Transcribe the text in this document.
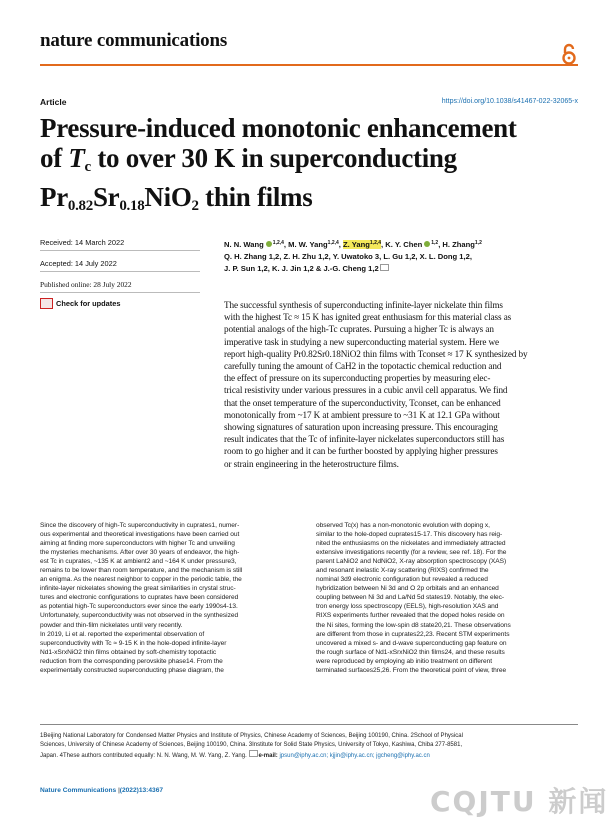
nature communications
Article	https://doi.org/10.1038/s41467-022-32065-x
Pressure-induced monotonic enhancement
of $T_c$ to over 30 K in superconducting
$Pr_{0.82}Sr_{0.18}NiO_2$ thin films
Received: 14 March 2022
Accepted: 14 July 2022
Published online: 28 July 2022
Check for updates
N. N. Wang $^{1,2,4}$, M. W. Yang$^{1,2,4}$, Z. Yang$^{1,2,4}$, K. Y. Chen $^{1,2}$, H. Zhang$^{1,2}$
Q. H. Zhang 1,2, Z. H. Zhu 1,2, Y. Uwatoko 3, L. Gu 1,2, X. L. Dong 1,2,
J. P. Sun 1,2, K. J. Jin 1,2 & J.-G. Cheng 1,2

The successful synthesis of superconducting infinite-layer nickelate thin films

with the highest Tc ≈ 15 K has ignited great enthusiasm for this material class as

potential analogs of the high-Tc cuprates. Pursuing a higher Tc is always an

imperative task in studying a new superconducting material system. Here we

report high-quality Pr0.82Sr0.18NiO2 thin films with Tconset ≈ 17 K synthesized by

carefully tuning the amount of CaH2 in the topotactic chemical reduction and

the effect of pressure on its superconducting properties by measuring elec-

trical resistivity under various pressures in a cubic anvil cell apparatus. We find

that the onset temperature of the superconductivity, Tconset, can be enhanced

monotonically from ~17 K at ambient pressure to ~31 K at 12.1 GPa without

showing signatures of saturation upon increasing pressure. This encouraging

result indicates that the Tc of infinite-layer nickelates superconductors still has

room to go higher and it can be further boosted by applying higher pressures

or strain engineering in the heterostructure films.

Since the discovery of high-Tc superconductivity in cuprates1, numer-

ous experimental and theoretical investigations have been carried out

aiming at finding more superconductors with higher Tc and unveiling

the mysteries mechanisms. After over 30 years of endeavor, the high-

est Tc in cuprates, ~135 K at ambient2 and ~164 K under pressure3,

remains to be lower than room temperature, and the mechanism is still

an enigma. As the nearest neighbor to copper in the periodic table, the

infinite-layer nickelates showing the great similarities in crystal struc-

tures and electronic configurations to cuprates have been considered

as potential high-Tc superconductors ever since the early 1990s4-13.

Unfortunately, superconductivity was not observed in the synthesized

powder and thin-film nickelates until very recently.

In 2019, Li et al. reported the experimental observation of

superconductivity with Tc ≈ 9-15 K in the hole-doped infinite-layer

Nd1-xSrxNiO2 thin films obtained by soft-chemistry topotactic

reduction from the corresponding perovskite phase14. From the

experimentally constructed superconducting phase diagram, the

observed Tc(x) has a non-monotonic evolution with doping x,

similar to the hole-doped cuprates15-17. This discovery has reig-

nited the enthusiasms on the nickelates and immediately attracted

extensive investigations recently (for a review, see ref. 18). For the

parent LaNiO2 and NdNiO2, X-ray absorption spectroscopy (XAS)

and resonant inelastic X-ray scattering (RIXS) confirmed the

nominal 3d9 electronic configuration but revealed a reduced

hybridization between Ni 3d and O 2p orbitals and an enhanced

coupling between Ni 3d and La/Nd 5d states19. Notably, the elec-

tron energy loss spectroscopy (EELS), high-resolution XAS and

RIXS experiments further revealed that the doped holes reside on

the Ni sites, forming the low-spin d8 state20,21. These observations

are different from those in cuprates22,23. Recent STM experiments

uncovered a mixed s- and d-wave superconducting gap feature on

the rough surface of Nd1-xSrxNiO2 thin films24, and these results

were reproduced by employing ab initio treatment on different

terminated surfaces25,26. From the theoretical point of view, three

1Beijing National Laboratory for Condensed Matter Physics and Institute of Physics, Chinese Academy of Sciences, Beijing 100190, China. 2School of Physical

Sciences, University of Chinese Academy of Sciences, Beijing 100190, China. 3Institute for Solid State Physics, University of Tokyo, Kashiwa, Chiba 277-8581,

Japan. 4These authors contributed equally: N. N. Wang, M. W. Yang, Z. Yang. e-mail: jpsun@iphy.ac.cn; kjjin@iphy.ac.cn; jgcheng@iphy.ac.cn

Nature Communications |(2022)13:4367	CQJTU 新闻
